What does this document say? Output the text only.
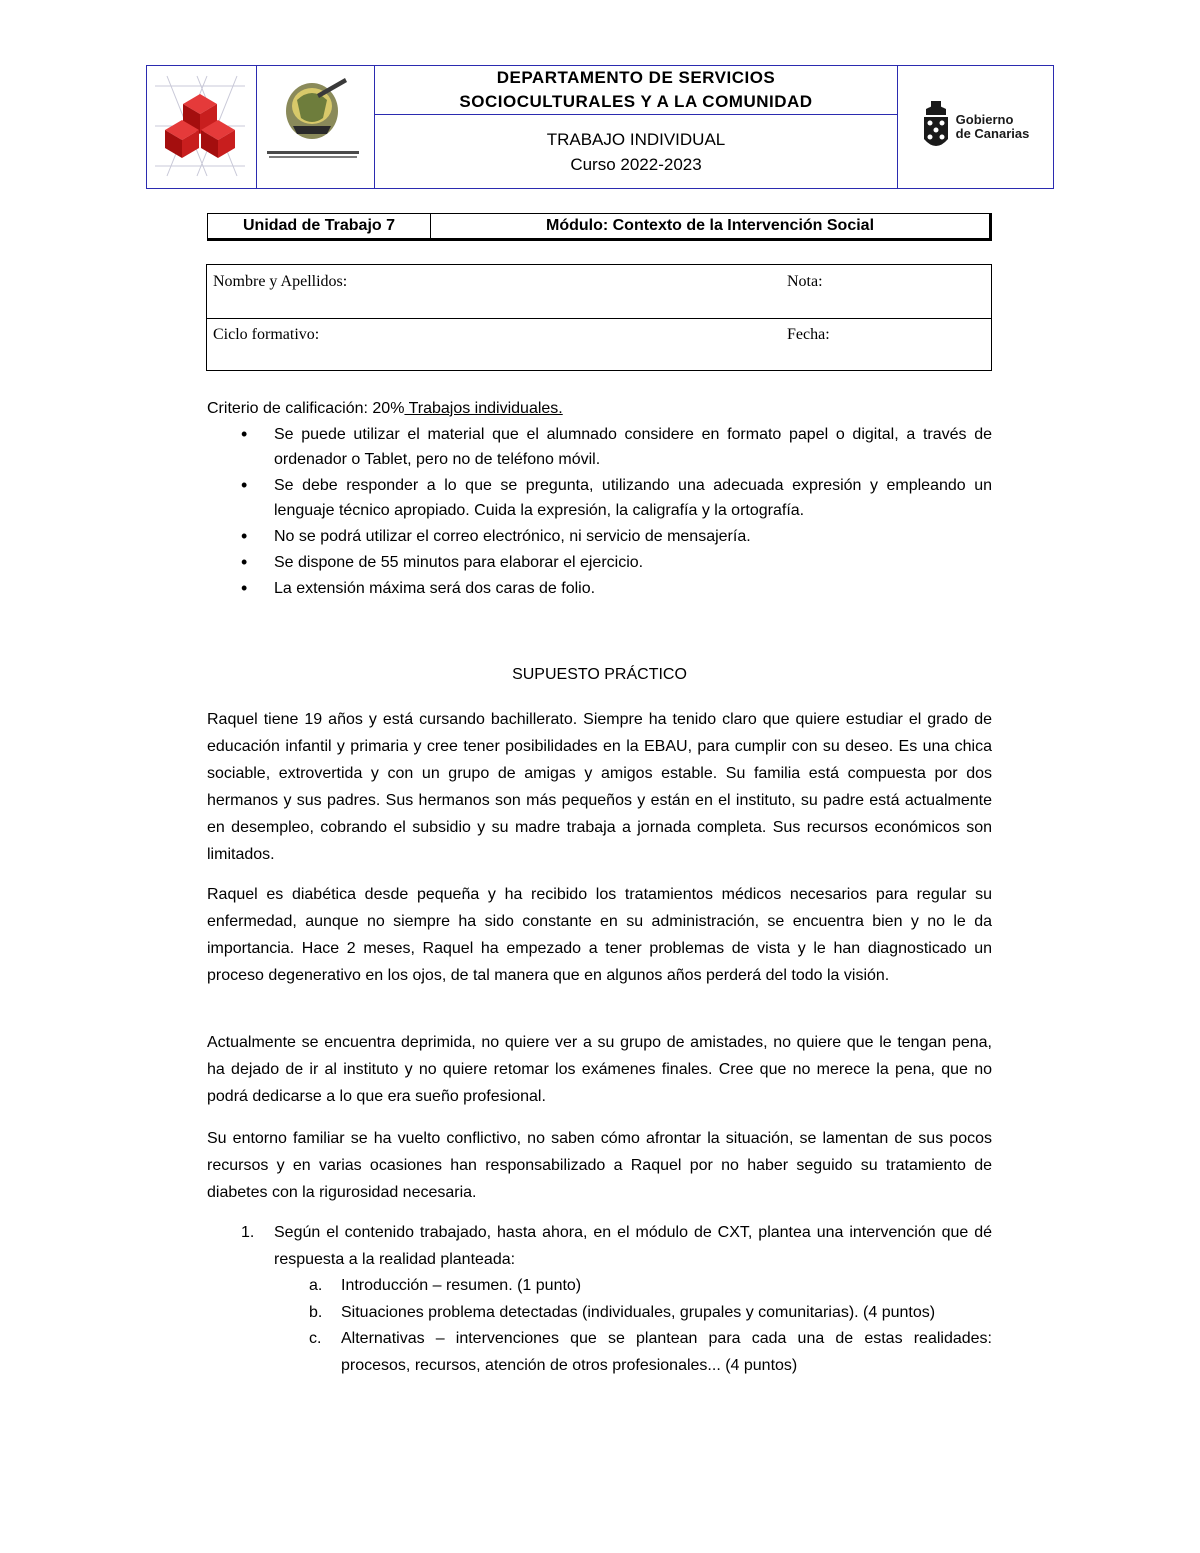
DEPARTAMENTO DE SERVICIOS
SOCIOCULTURALES Y A LA COMUNIDAD
TRABAJO INDIVIDUAL
Curso 2022-2023
Gobierno
de Canarias
Unidad de Trabajo 7	Módulo: Contexto de la Intervención Social
Nombre y Apellidos:	Nota:
Ciclo formativo:	Fecha:
Criterio de calificación: 20% Trabajos individuales.
• Se puede utilizar el material que el alumnado considere en formato papel o digital, a través de ordenador o Tablet, pero no de teléfono móvil.
• Se debe responder a lo que se pregunta, utilizando una adecuada expresión y empleando un lenguaje técnico apropiado. Cuida la expresión, la caligrafía y la ortografía.
• No se podrá utilizar el correo electrónico, ni servicio de mensajería.
• Se dispone de 55 minutos para elaborar el ejercicio.
• La extensión máxima será dos caras de folio.
SUPUESTO PRÁCTICO

Raquel tiene 19 años y está cursando bachillerato. Siempre ha tenido claro que quiere estudiar el grado de educación infantil y primaria y cree tener posibilidades en la EBAU, para cumplir con su deseo. Es una chica sociable, extrovertida y con un grupo de amigas y amigos estable. Su familia está compuesta por dos hermanos y sus padres. Sus hermanos son más pequeños y están en el instituto, su padre está actualmente en desempleo, cobrando el subsidio y su madre trabaja a jornada completa. Sus recursos económicos son limitados.

Raquel es diabética desde pequeña y ha recibido los tratamientos médicos necesarios para regular su enfermedad, aunque no siempre ha sido constante en su administración, se encuentra bien y no le da importancia. Hace 2 meses, Raquel ha empezado a tener problemas de vista y le han diagnosticado un proceso degenerativo en los ojos, de tal manera que en algunos años perderá del todo la visión.

Actualmente se encuentra deprimida, no quiere ver a su grupo de amistades, no quiere que le tengan pena, ha dejado de ir al instituto y no quiere retomar los exámenes finales. Cree que no merece la pena, que no podrá dedicarse a lo que era sueño profesional.

Su entorno familiar se ha vuelto conflictivo, no saben cómo afrontar la situación, se lamentan de sus pocos recursos y en varias ocasiones han responsabilizado a Raquel por no haber seguido su tratamiento de diabetes con la rigurosidad necesaria.

1. Según el contenido trabajado, hasta ahora, en el módulo de CXT, plantea una intervención que dé respuesta a la realidad planteada:
a. Introducción – resumen. (1 punto)
b. Situaciones problema detectadas (individuales, grupales y comunitarias). (4 puntos)
c. Alternativas – intervenciones que se plantean para cada una de estas realidades: procesos, recursos, atención de otros profesionales... (4 puntos)
